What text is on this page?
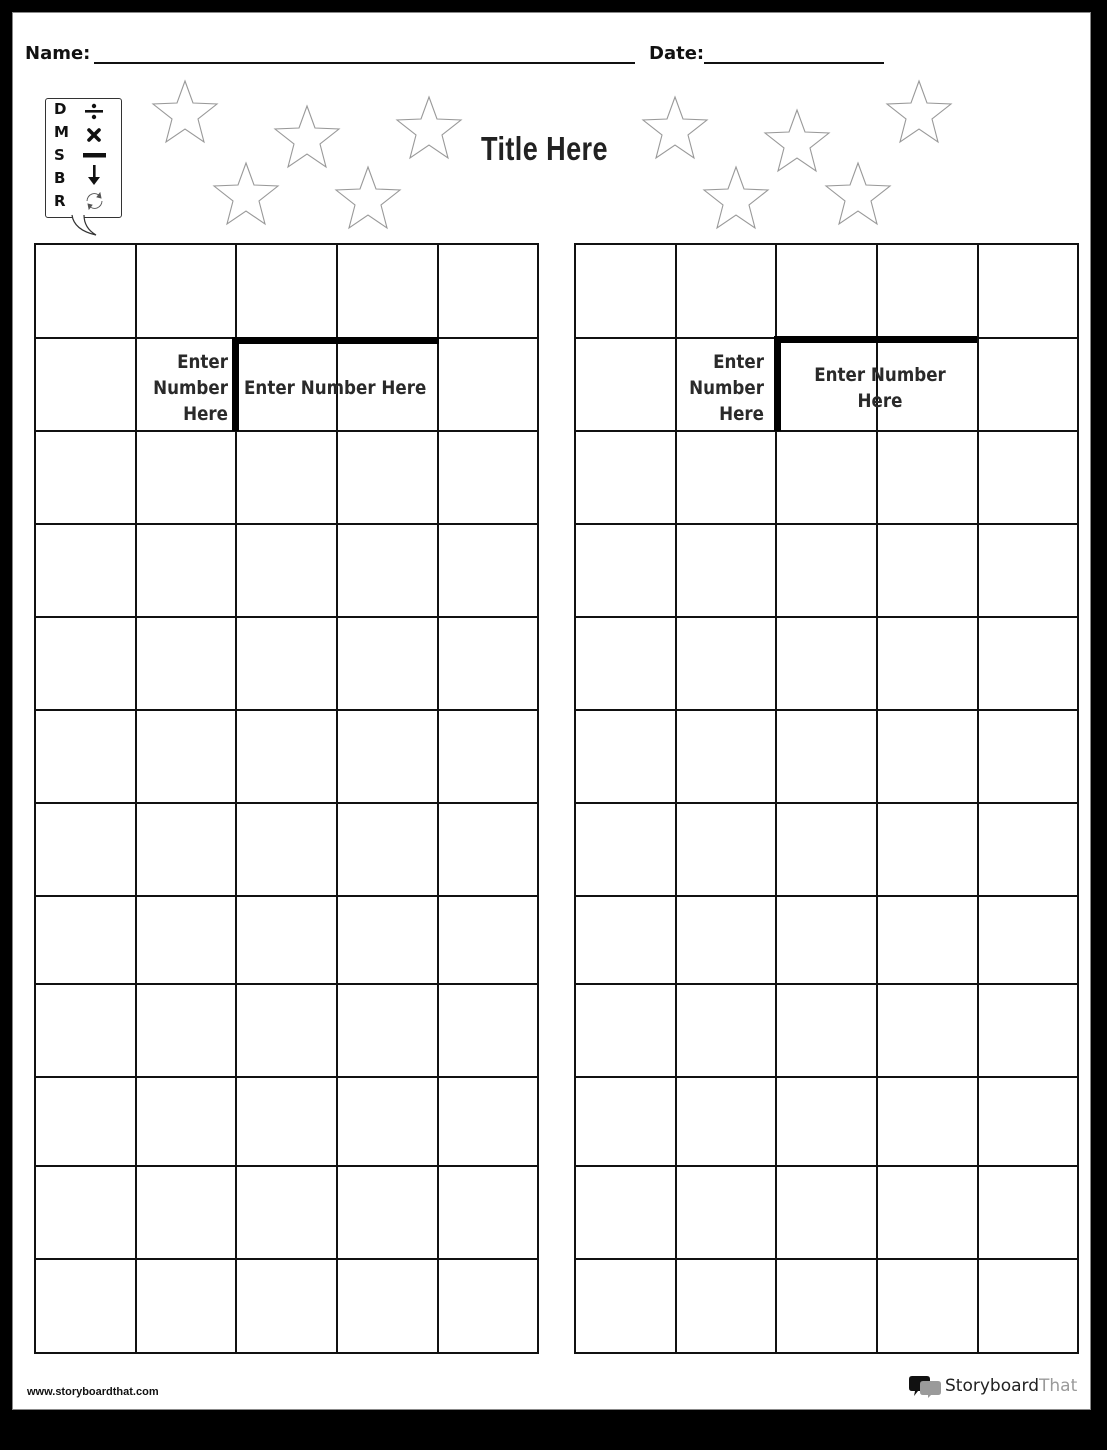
Name:	Date:
Title Here
D
M
S
B
R
Enter Number Here
Enter Number Here
Enter Number Here
Enter Number Here
www.storyboardthat.com	StoryboardThat
